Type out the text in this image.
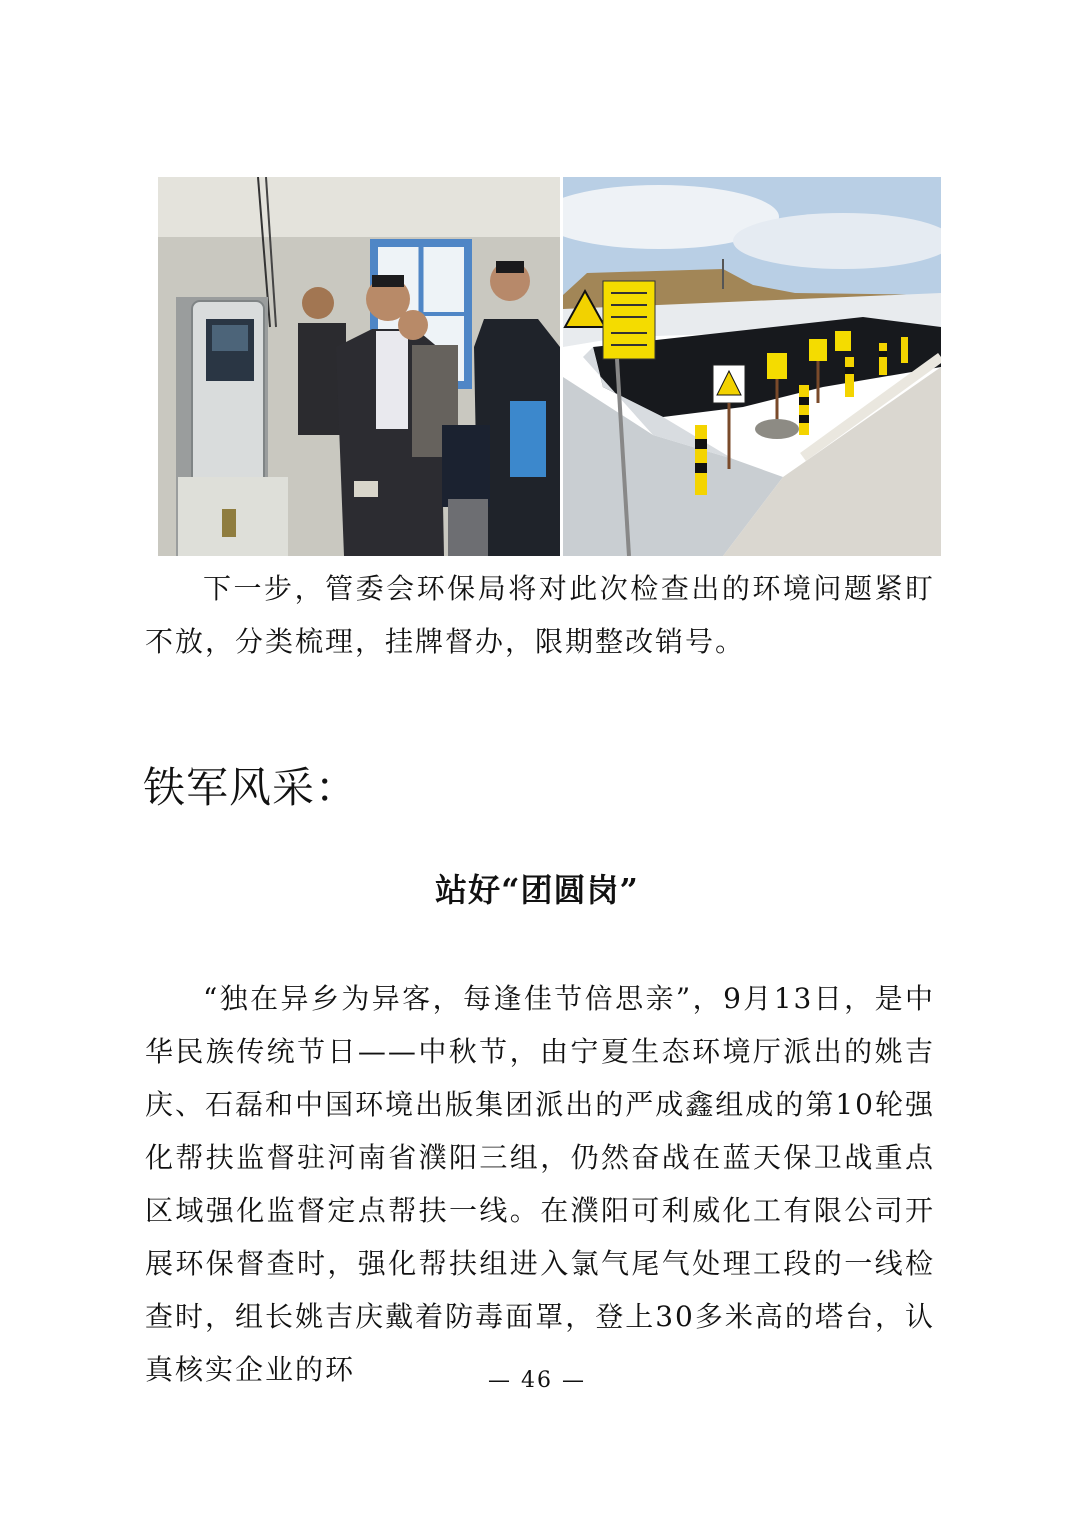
下一步，管委会环保局将对此次检查出的环境问题紧盯不放，分类梳理，挂牌督办，限期整改销号。

铁军风采：
站好“团圆岗”

“独在异乡为异客，每逢佳节倍思亲”，9月13日，是中华民族传统节日——中秋节，由宁夏生态环境厅派出的姚吉庆、石磊和中国环境出版集团派出的严成鑫组成的第10轮强化帮扶监督驻河南省濮阳三组，仍然奋战在蓝天保卫战重点区域强化监督定点帮扶一线。在濮阳可利威化工有限公司开展环保督查时，强化帮扶组进入氯气尾气处理工段的一线检查时，组长姚吉庆戴着防毒面罩，登上30多米高的塔台，认真核实企业的环	— 46 —
